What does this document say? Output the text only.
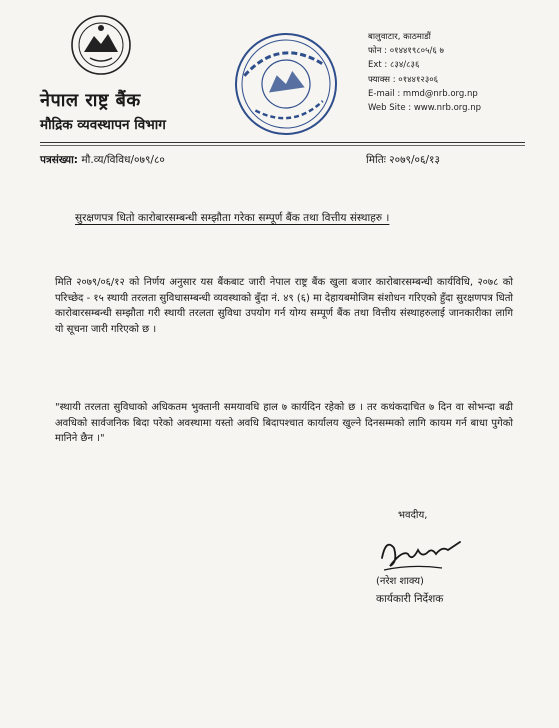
नेपाल राष्ट्र बैंक
मौद्रिक व्यवस्थापन विभाग
बालुवाटार, काठमाडौं
फोन : ०१४४१९८०५/६ ७
Ext : ८३४/८३६
फ्याक्स : ०१४४१२३०६
E-mail : mmd@nrb.org.np
Web Site : www.nrb.org.np
पत्रसंख्या: मौ.व्य/विविध/०७९/८०	मितिः २०७९/०६/१३
सुरक्षणपत्र धितो कारोबारसम्बन्धी सम्झौता गरेका सम्पूर्ण बैंक तथा वित्तीय संस्थाहरु ।

मिति २०७९/०६/१२ को निर्णय अनुसार यस बैंकबाट जारी नेपाल राष्ट्र बैंक खुला बजार कारोबारसम्बन्धी कार्यविधि, २०७८ को परिच्छेद - १५ स्थायी तरलता सुविधासम्बन्धी व्यवस्थाको बुँदा नं. ४९ (६) मा देहायबमोजिम संशोधन गरिएको हुँदा सुरक्षणपत्र धितो कारोबारसम्बन्धी सम्झौता गरी स्थायी तरलता सुविधा उपयोग गर्न योग्य सम्पूर्ण बैंक तथा वित्तीय संस्थाहरुलाई जानकारीका लागि यो सूचना जारी गरिएको छ ।

"स्थायी तरलता सुविधाको अधिकतम भुक्तानी समयावधि हाल ७ कार्यदिन रहेको छ । तर कथंकदाचित ७ दिन वा सोभन्दा बढी अवधिको सार्वजनिक बिदा परेको अवस्थामा यस्तो अवधि बिदापश्चात कार्यालय खुल्ने दिनसम्मको लागि कायम गर्न बाधा पुगेको मानिने छैन ।"

भवदीय,
(नरेश शाक्य)
कार्यकारी निर्देशक
